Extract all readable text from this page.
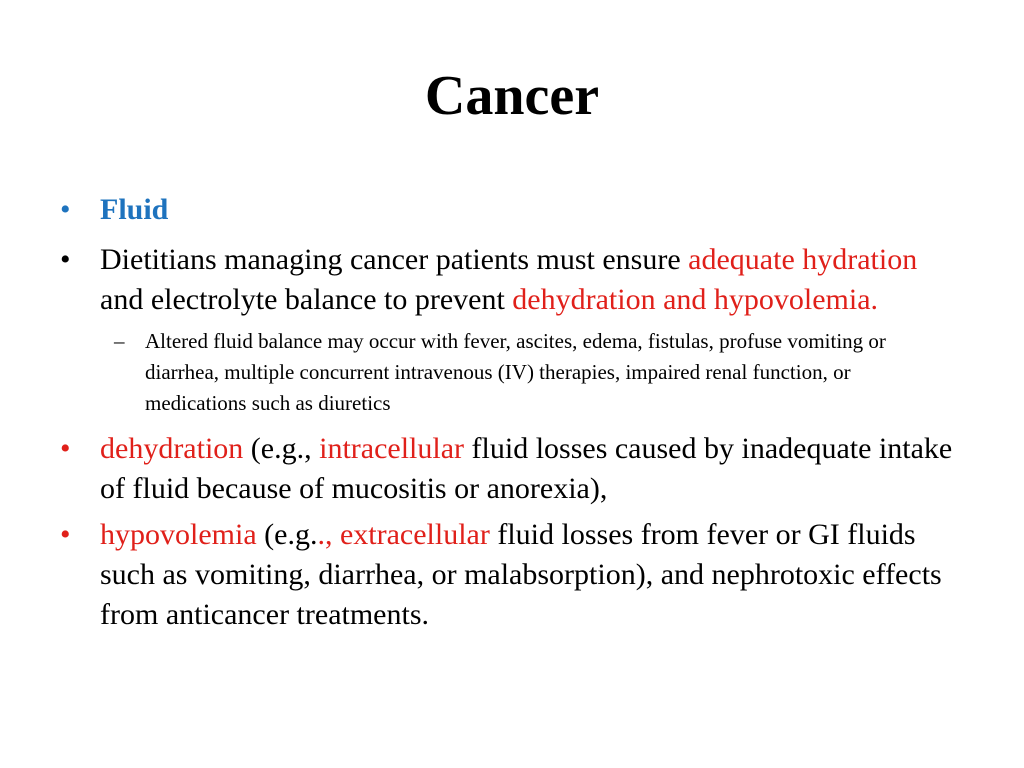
Cancer
• Fluid
• Dietitians managing cancer patients must ensure adequate hydration and electrolyte balance to prevent dehydration and hypovolemia.
– Altered fluid balance may occur with fever, ascites, edema, fistulas, profuse vomiting or diarrhea, multiple concurrent intravenous (IV) therapies, impaired renal function, or medications such as diuretics
• dehydration (e.g., intracellular fluid losses caused by inadequate intake of fluid because of mucositis or anorexia),
• hypovolemia (e.g.., extracellular fluid losses from fever or GI fluids such as vomiting, diarrhea, or malabsorption), and nephrotoxic effects from anticancer treatments.
